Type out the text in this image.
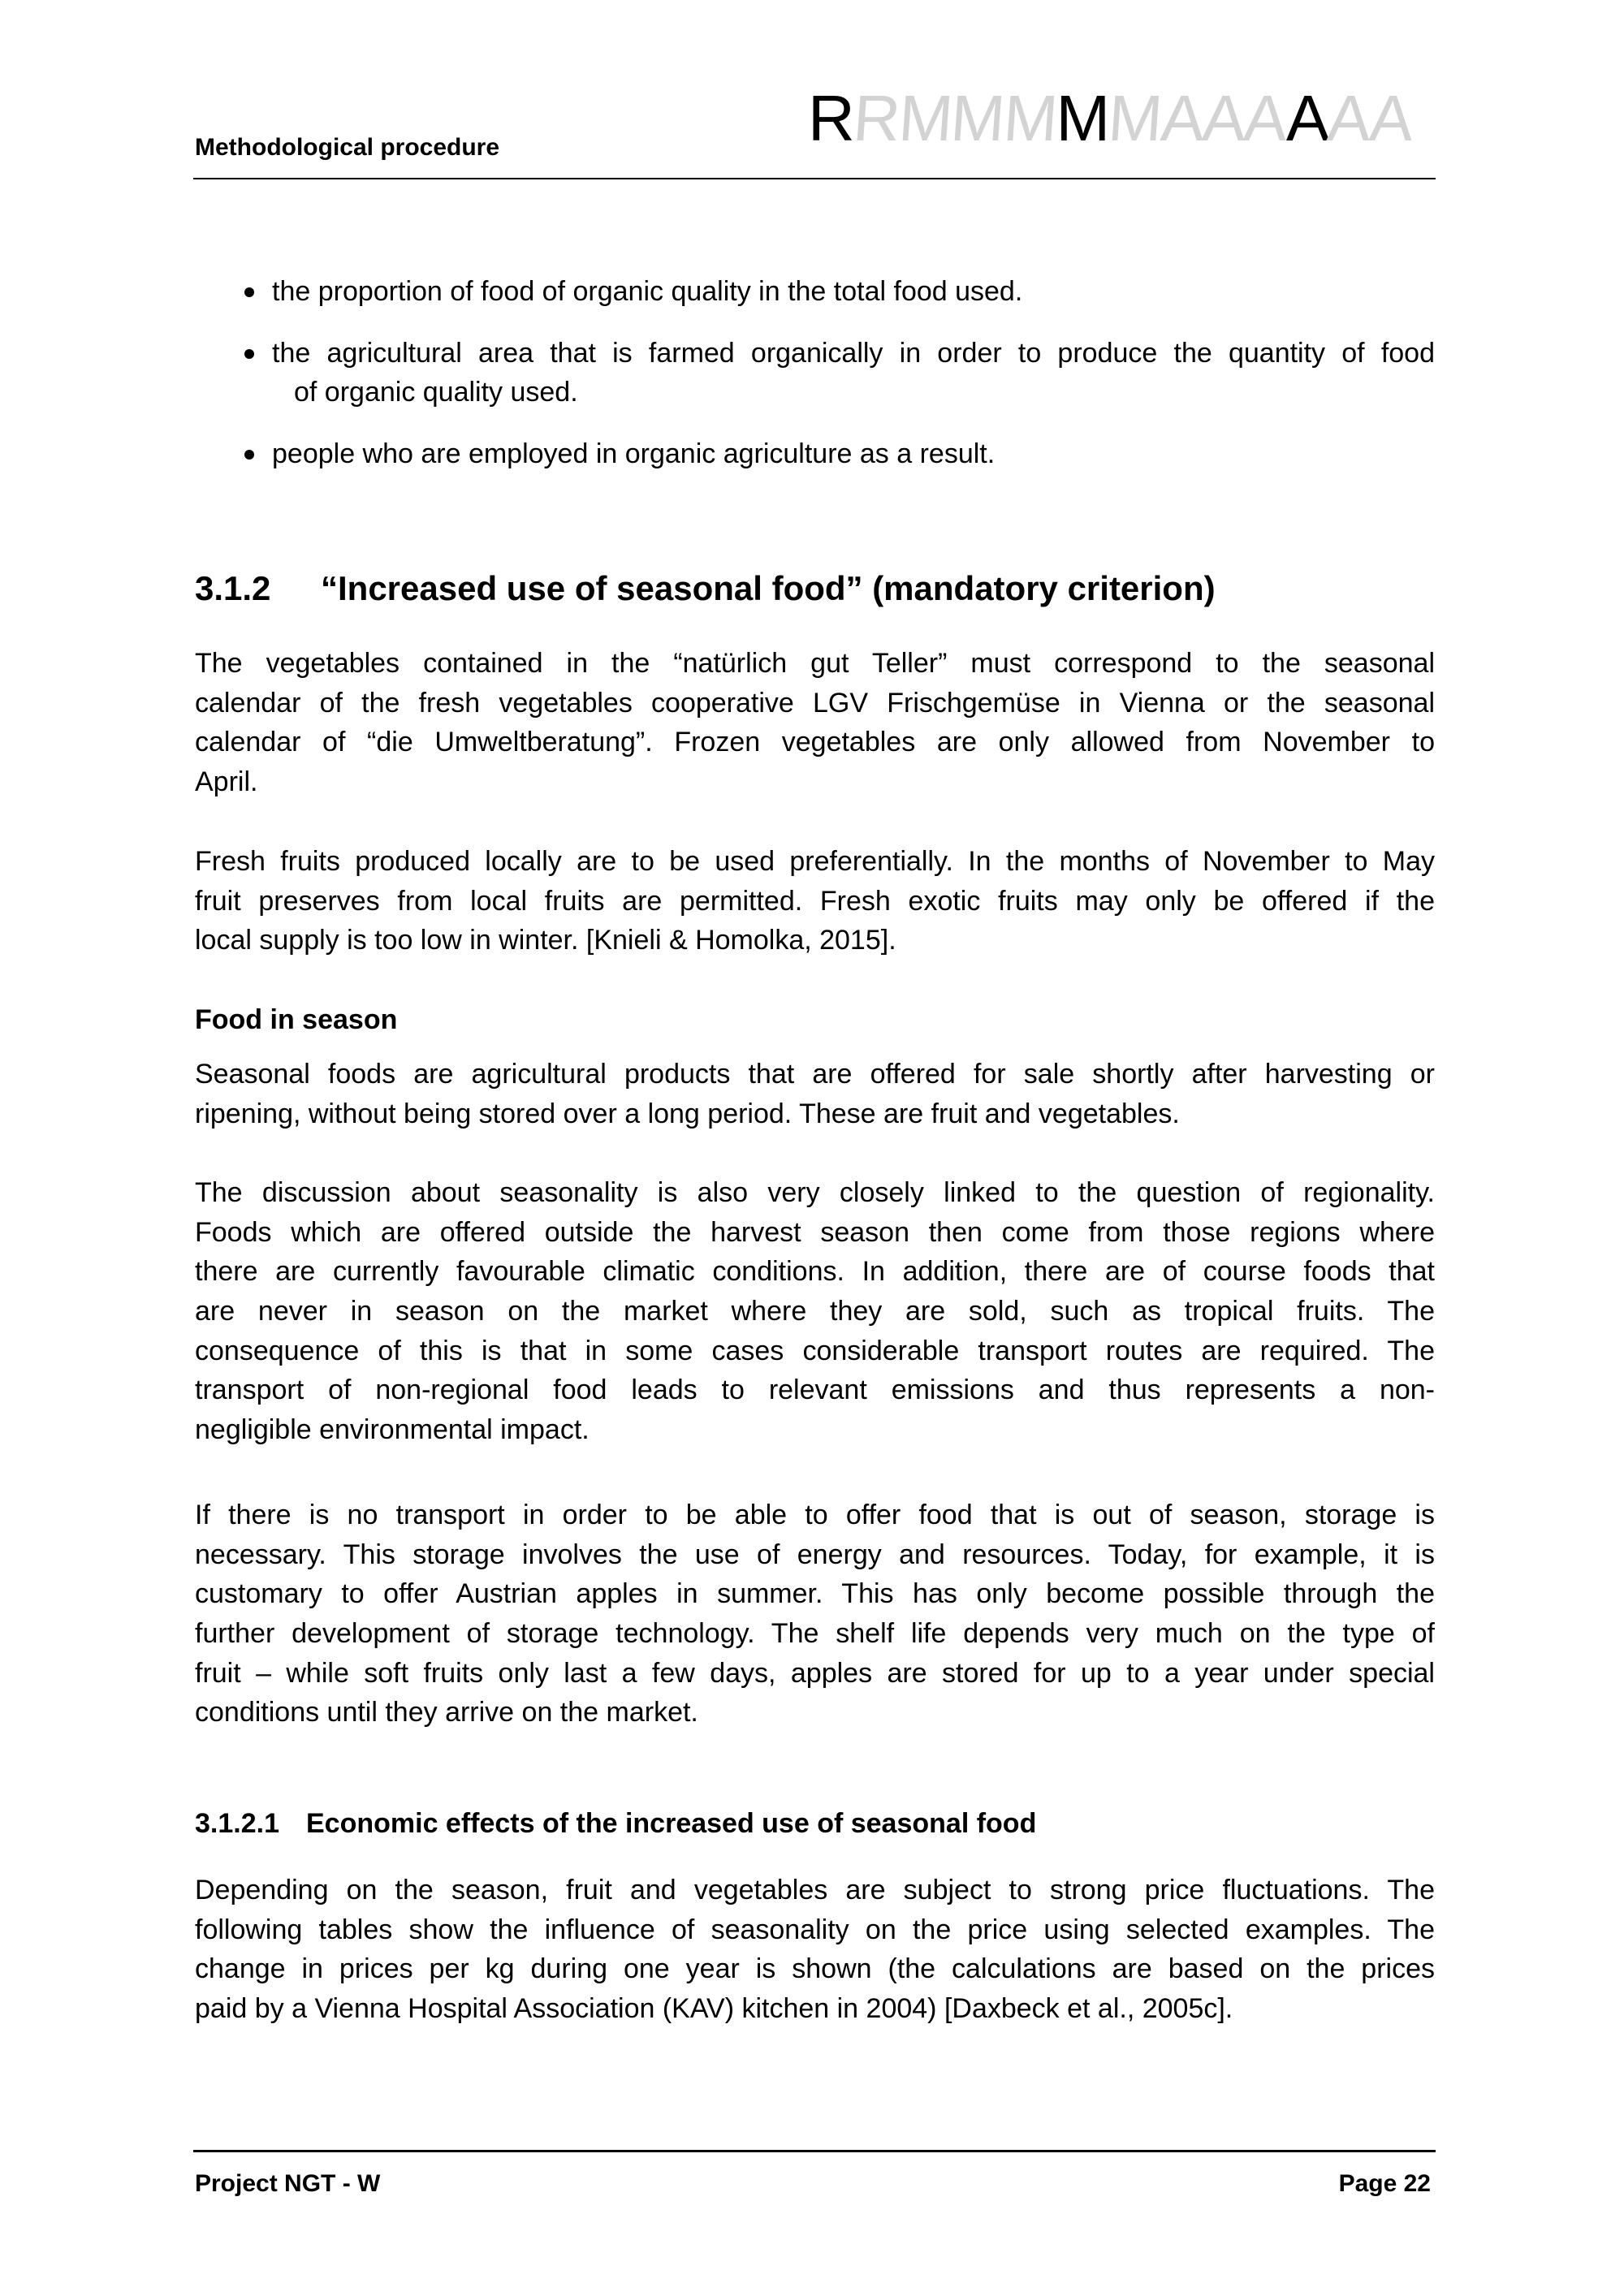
Methodological procedure	RRMMMMMAAAAAA
the proportion of food of organic quality in the total food used.
the agricultural area that is farmed organically in order to produce the quantity of food
of organic quality used.
people who are employed in organic agriculture as a result.
3.1.2 “Increased use of seasonal food” (mandatory criterion)
The vegetables contained in the “natürlich gut Teller” must correspond to the seasonal
calendar of the fresh vegetables cooperative LGV Frischgemüse in Vienna or the seasonal
calendar of “die Umweltberatung”. Frozen vegetables are only allowed from November to
April.
Fresh fruits produced locally are to be used preferentially. In the months of November to May
fruit preserves from local fruits are permitted. Fresh exotic fruits may only be offered if the
local supply is too low in winter. [Knieli & Homolka, 2015].
Food in season
Seasonal foods are agricultural products that are offered for sale shortly after harvesting or
ripening, without being stored over a long period. These are fruit and vegetables.
The discussion about seasonality is also very closely linked to the question of regionality.
Foods which are offered outside the harvest season then come from those regions where
there are currently favourable climatic conditions. In addition, there are of course foods that
are never in season on the market where they are sold, such as tropical fruits. The
consequence of this is that in some cases considerable transport routes are required. The
transport of non-regional food leads to relevant emissions and thus represents a non-
negligible environmental impact.
If there is no transport in order to be able to offer food that is out of season, storage is
necessary. This storage involves the use of energy and resources. Today, for example, it is
customary to offer Austrian apples in summer. This has only become possible through the
further development of storage technology. The shelf life depends very much on the type of
fruit – while soft fruits only last a few days, apples are stored for up to a year under special
conditions until they arrive on the market.
3.1.2.1 Economic effects of the increased use of seasonal food
Depending on the season, fruit and vegetables are subject to strong price fluctuations. The
following tables show the influence of seasonality on the price using selected examples. The
change in prices per kg during one year is shown (the calculations are based on the prices
paid by a Vienna Hospital Association (KAV) kitchen in 2004) [Daxbeck et al., 2005c].
Project NGT - W	Page 22
